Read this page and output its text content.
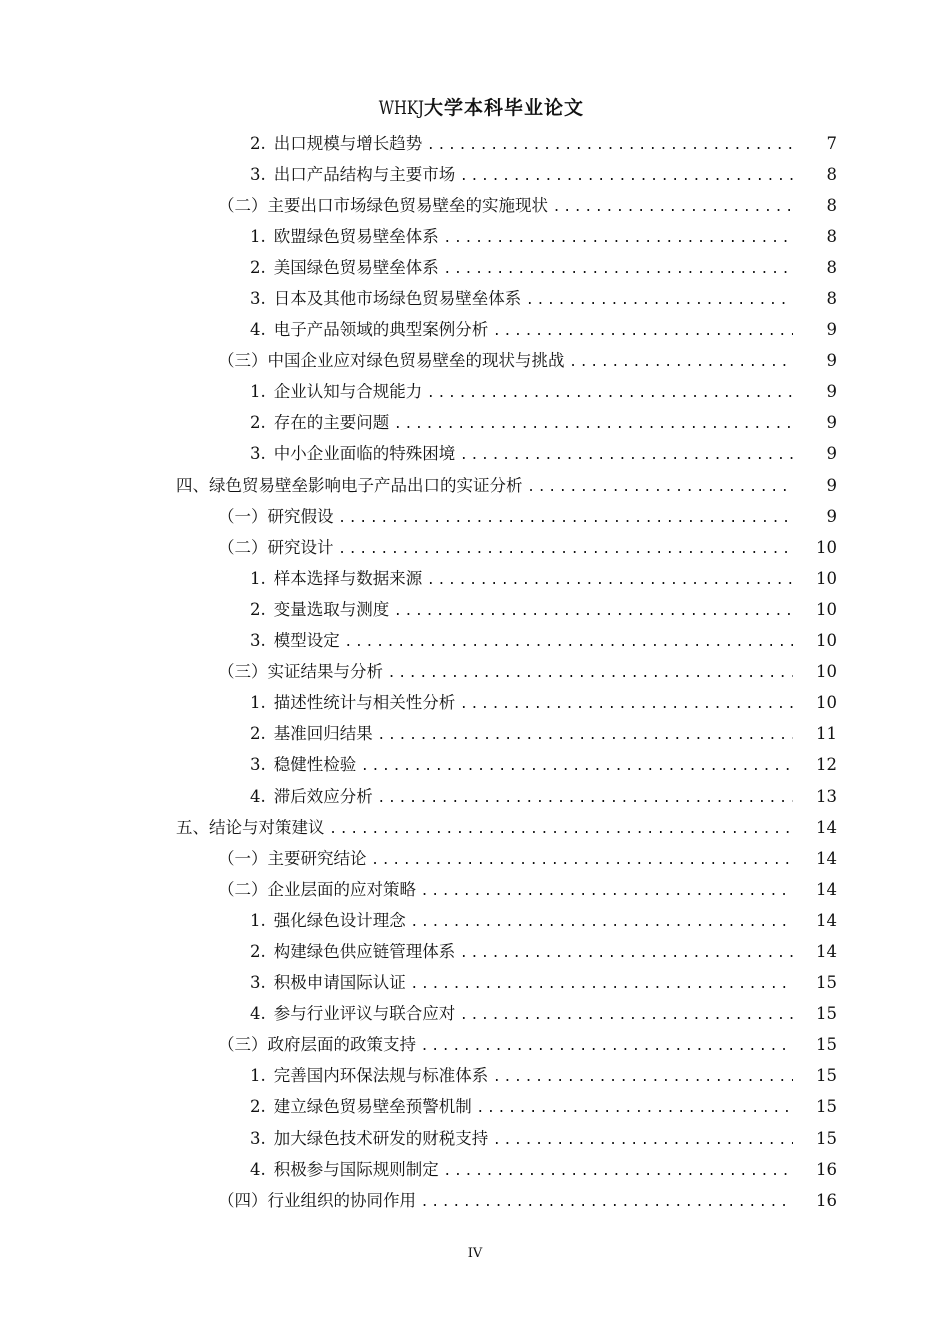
WHKJ大学本科毕业论文
2. 出口规模与增长趋势 . . .	7
3. 出口产品结构与主要市场 . . .	8
（二）主要出口市场绿色贸易壁垒的实施现状 . . .	8
1. 欧盟绿色贸易壁垒体系 . . .	8
2. 美国绿色贸易壁垒体系 . . .	8
3. 日本及其他市场绿色贸易壁垒体系 . . .	8
4. 电子产品领域的典型案例分析 . . .	9
（三）中国企业应对绿色贸易壁垒的现状与挑战 . . .	9
1. 企业认知与合规能力 . . .	9
2. 存在的主要问题 . . .	9
3. 中小企业面临的特殊困境 . . .	9
四、绿色贸易壁垒影响电子产品出口的实证分析 . . .	9
（一）研究假设 . . .	9
（二）研究设计 . . .	10
1. 样本选择与数据来源 . . .	10
2. 变量选取与测度 . . .	10
3. 模型设定 . . .	10
（三）实证结果与分析 . . .	10
1. 描述性统计与相关性分析 . . .	10
2. 基准回归结果 . . .	11
3. 稳健性检验 . . .	12
4. 滞后效应分析 . . .	13
五、结论与对策建议 . . .	14
（一）主要研究结论 . . .	14
（二）企业层面的应对策略 . . .	14
1. 强化绿色设计理念 . . .	14
2. 构建绿色供应链管理体系 . . .	14
3. 积极申请国际认证 . . .	15
4. 参与行业评议与联合应对 . . .	15
（三）政府层面的政策支持 . . .	15
1. 完善国内环保法规与标准体系 . . .	15
2. 建立绿色贸易壁垒预警机制 . . .	15
3. 加大绿色技术研发的财税支持 . . .	15
4. 积极参与国际规则制定 . . .	16
（四）行业组织的协同作用 . . .	16
IV
